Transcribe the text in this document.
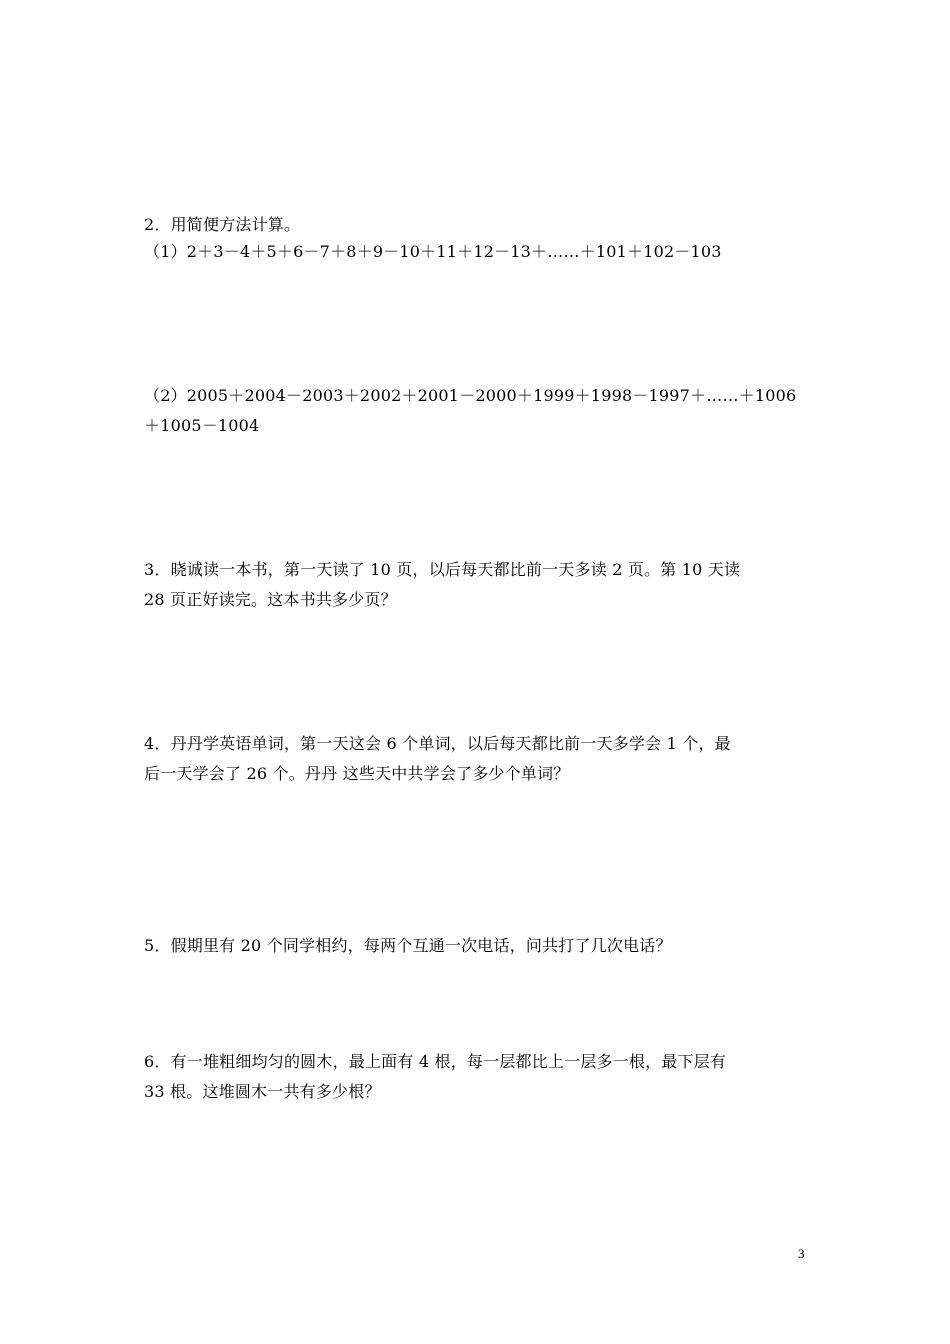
2．用简便方法计算。
（1）2＋3－4＋5＋6－7＋8＋9－10＋11＋12－13＋……＋101＋102－103
（2）2005＋2004－2003＋2002＋2001－2000＋1999＋1998－1997＋……＋1006
＋1005－1004
3．晓诚读一本书，第一天读了 10 页，以后每天都比前一天多读 2 页。第 10 天读
28 页正好读完。这本书共多少页？
4．丹丹学英语单词，第一天这会 6 个单词，以后每天都比前一天多学会 1 个，最
后一天学会了 26 个。丹丹 这些天中共学会了多少个单词？
5．假期里有 20 个同学相约，每两个互通一次电话，问共打了几次电话？
6．有一堆粗细均匀的圆木，最上面有 4 根，每一层都比上一层多一根，最下层有
33 根。这堆圆木一共有多少根？
3
